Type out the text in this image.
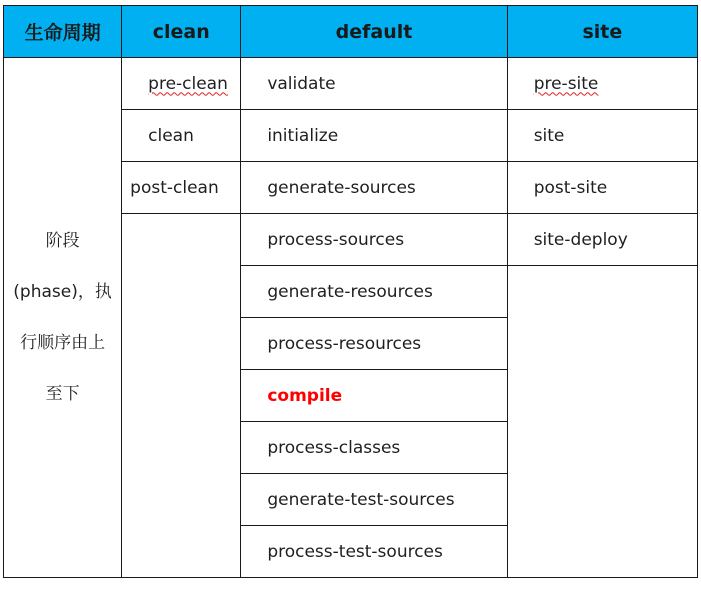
生命周期	clean	default	site

阶段
(phase)，执
行顺序由上
至下	pre-clean	validate	pre-site
	clean	initialize	site
	post-clean	generate-sources	post-site
		process-sources	site-deploy
		generate-resources	
		process-resources	
		compile	
		process-classes	
		generate-test-sources	
		process-test-sources	
